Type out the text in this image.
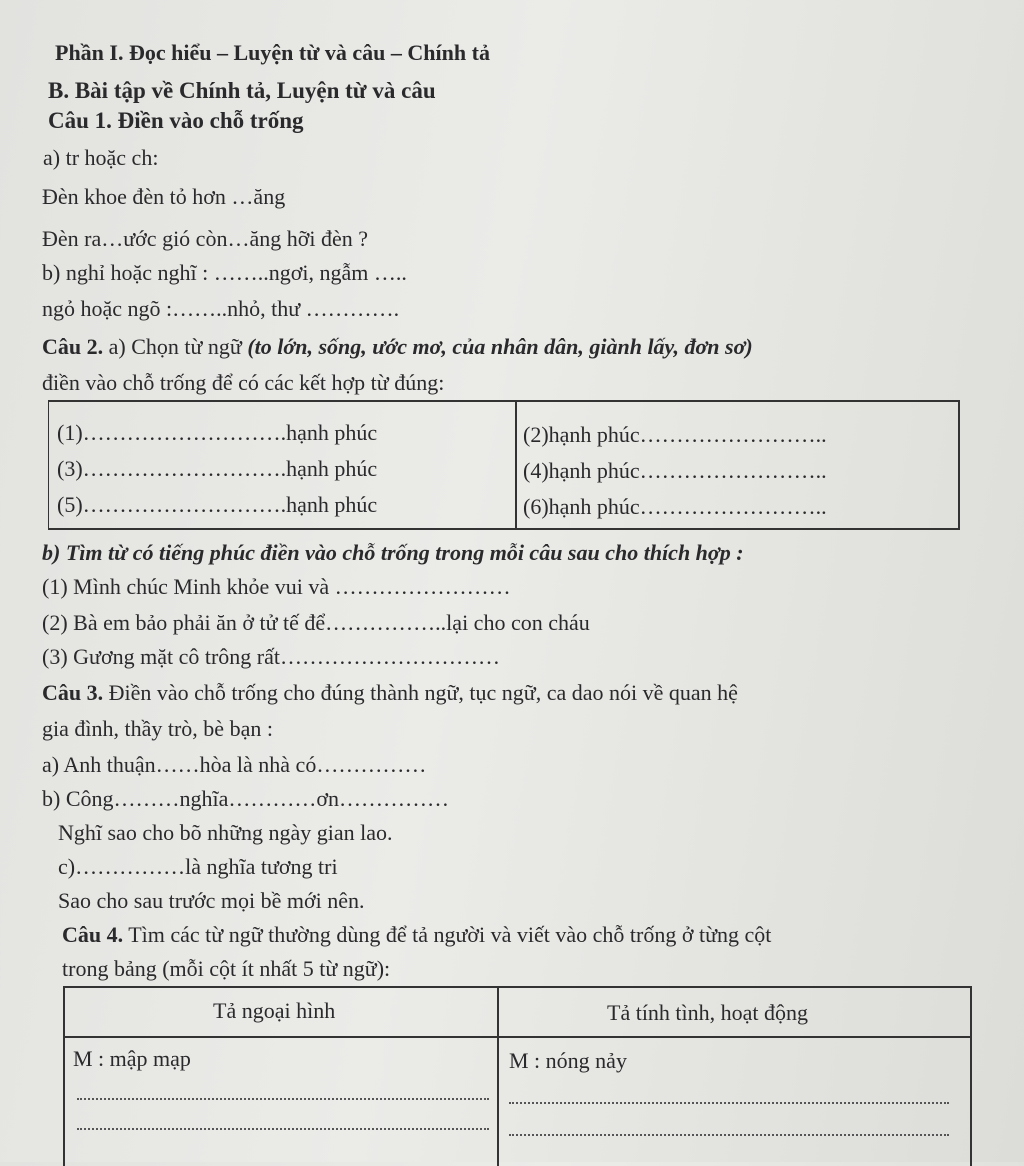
Phần I. Đọc hiểu – Luyện từ và câu – Chính tả
B. Bài tập về Chính tả, Luyện từ và câu
Câu 1. Điền vào chỗ trống
a) tr hoặc ch:
Đèn khoe đèn tỏ hơn …ăng
Đèn ra…ước gió còn…ăng hỡi đèn ?
b) nghỉ hoặc nghĩ : ……..ngơi, ngẫm …..
ngỏ hoặc ngõ :……..nhỏ, thư ………….
Câu 2. a) Chọn từ ngữ (to lớn, sống, ước mơ, của nhân dân, giành lấy, đơn sơ)
điền vào chỗ trống để có các kết hợp từ đúng:
(1)……………………….hạnh phúc
(3)……………………….hạnh phúc
(5)……………………….hạnh phúc
(2)hạnh phúc……………………..
(4)hạnh phúc……………………..
(6)hạnh phúc……………………..
b) Tìm từ có tiếng phúc điền vào chỗ trống trong mỗi câu sau cho thích hợp :
(1) Mình chúc Minh khỏe vui và ……………………
(2) Bà em bảo phải ăn ở tử tế để……………..lại cho con cháu
(3) Gương mặt cô trông rất…………………………
Câu 3. Điền vào chỗ trống cho đúng thành ngữ, tục ngữ, ca dao nói về quan hệ
gia đình, thầy trò, bè bạn :
a) Anh thuận……hòa là nhà có……………
b) Công………nghĩa…………ơn……………
Nghĩ sao cho bõ những ngày gian lao.
c)……………là nghĩa tương tri
Sao cho sau trước mọi bề mới nên.
Câu 4. Tìm các từ ngữ thường dùng để tả người và viết vào chỗ trống ở từng cột
trong bảng (mỗi cột ít nhất 5 từ ngữ):
Tả ngoại hình	Tả tính tình, hoạt động
M : mập mạp	M : nóng nảy
